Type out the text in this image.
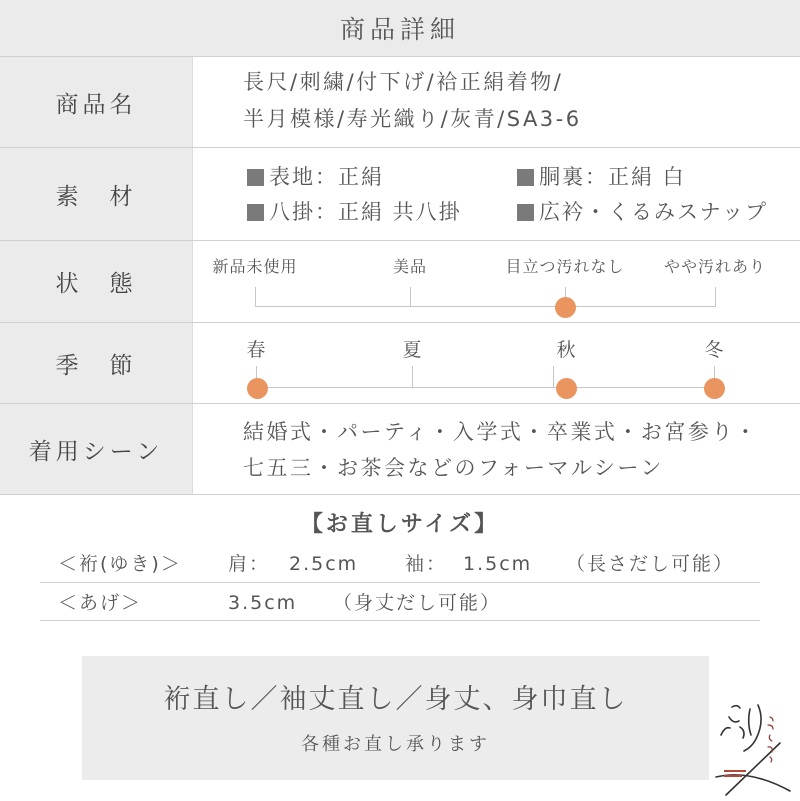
商品詳細
商品名
長尺/刺繍/付下げ/袷正絹着物/
半月模様/寿光織り/灰青/SA3-6
素　材
表地：正絹	胴裏：正絹 白
八掛：正絹 共八掛	広衿・くるみスナップ
状　態
新品未使用	美品	目立つ汚れなし やや汚れあり
季　節
春	夏	秋	冬
着用シーン
結婚式・パーティ・入学式・卒業式・お宮参り・
七五三・お茶会などのフォーマルシーン
【お直しサイズ】
＜裄(ゆき)＞ 肩： 2.5cm 袖： 1.5cm （長さだし可能）
＜あげ＞	3.5cm （身丈だし可能）
裄直し／袖丈直し／身丈、身巾直し
各種お直し承ります
